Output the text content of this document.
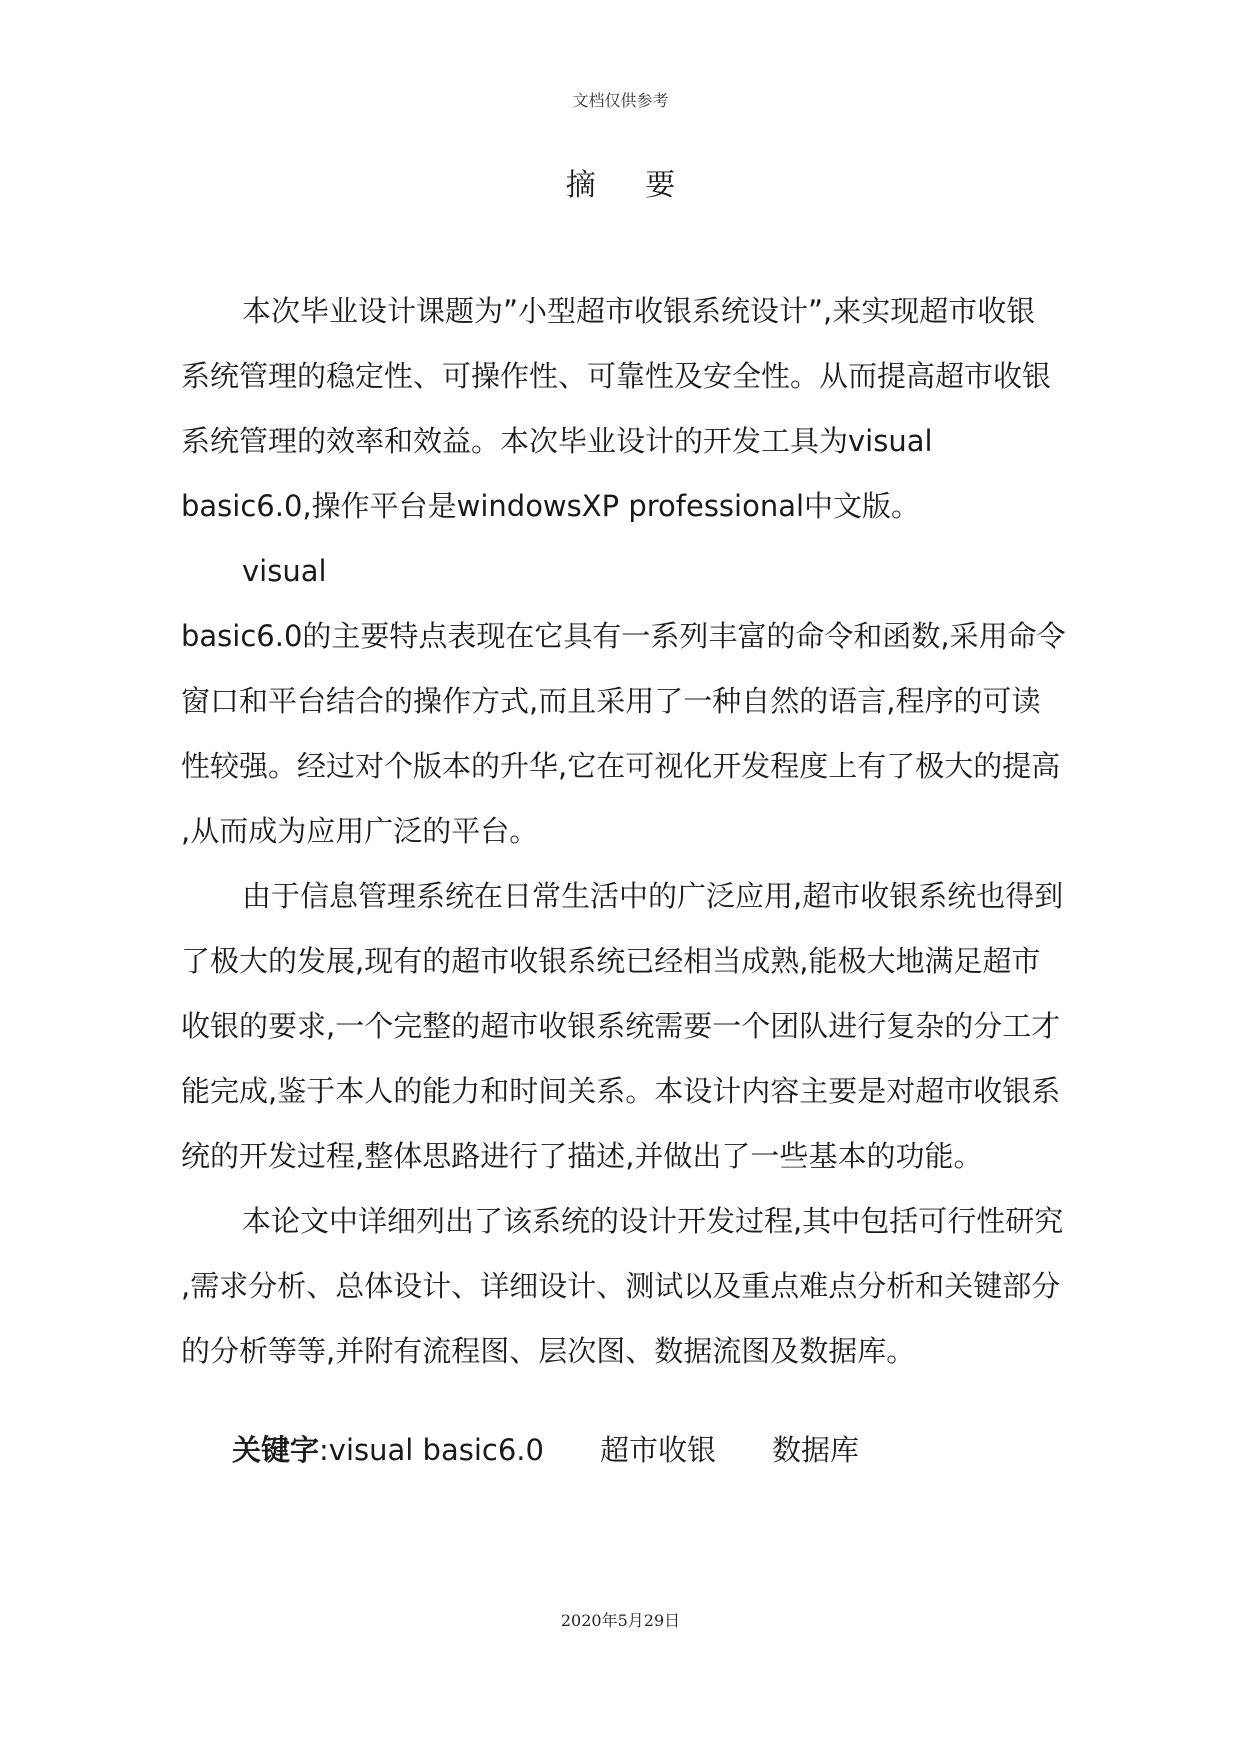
文档仅供参考
摘 要
本次毕业设计课题为”小型超市收银系统设计”,来实现超市收银
系统管理的稳定性、可操作性、可靠性及安全性。从而提高超市收银
系统管理的效率和效益。本次毕业设计的开发工具为visual
basic6.0,操作平台是windowsXP professional中文版。
visual
basic6.0的主要特点表现在它具有一系列丰富的命令和函数,采用命令
窗口和平台结合的操作方式,而且采用了一种自然的语言,程序的可读
性较强。经过对个版本的升华,它在可视化开发程度上有了极大的提高
,从而成为应用广泛的平台。
由于信息管理系统在日常生活中的广泛应用,超市收银系统也得到
了极大的发展,现有的超市收银系统已经相当成熟,能极大地满足超市
收银的要求,一个完整的超市收银系统需要一个团队进行复杂的分工才
能完成,鉴于本人的能力和时间关系。本设计内容主要是对超市收银系
统的开发过程,整体思路进行了描述,并做出了一些基本的功能。
本论文中详细列出了该系统的设计开发过程,其中包括可行性研究
,需求分析、总体设计、详细设计、测试以及重点难点分析和关键部分
的分析等等,并附有流程图、层次图、数据流图及数据库。
关键字:visual basic6.0 超市收银 数据库
2020年5月29日
